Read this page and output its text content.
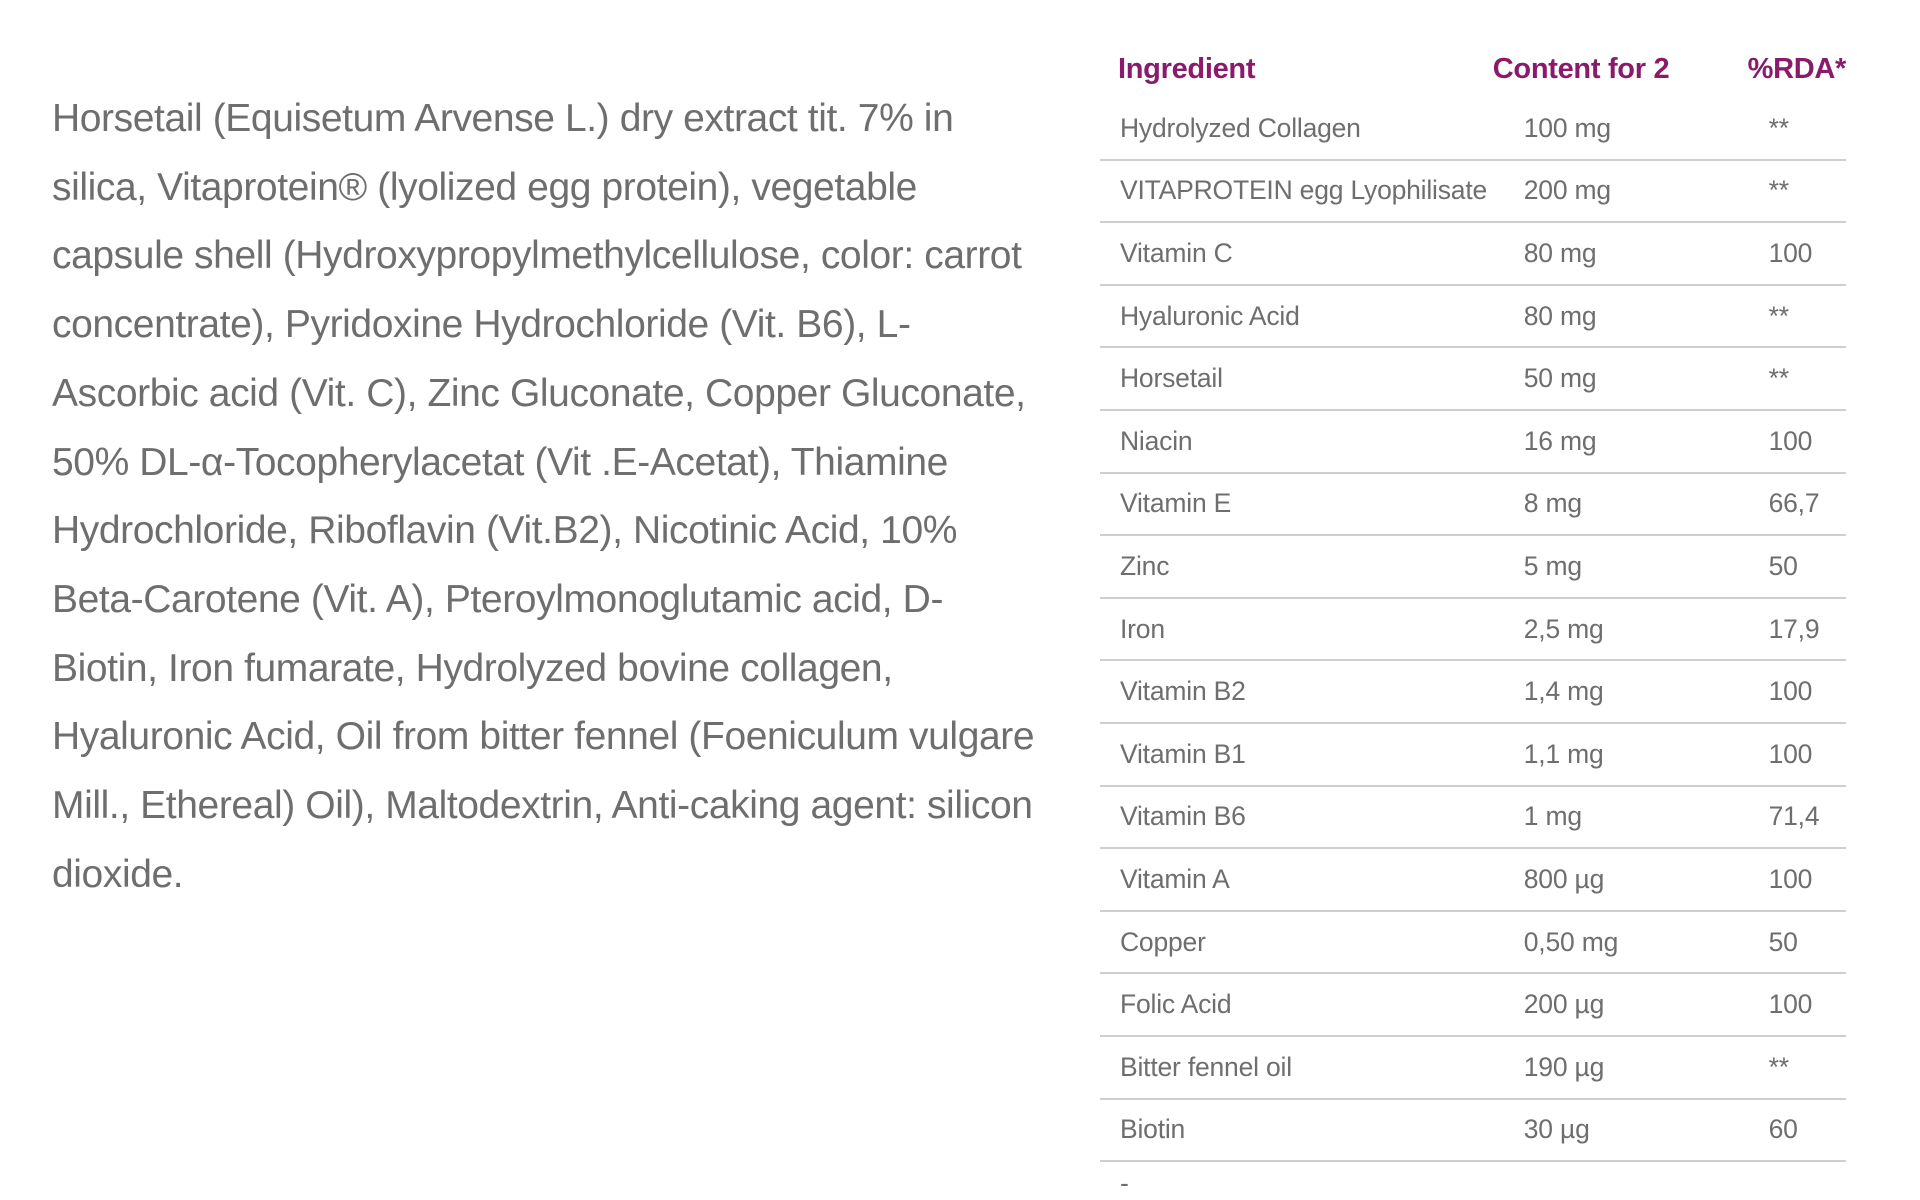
Horsetail (Equisetum Arvense L.) dry extract tit. 7% in silica, Vitaprotein® (lyolized egg protein), vegetable capsule shell (Hydroxypropylmethylcellulose, color: carrot concentrate), Pyridoxine Hydrochloride (Vit. B6), L-Ascorbic acid (Vit. C), Zinc Gluconate, Copper Gluconate, 50% DL-α-Tocopherylacetat (Vit .E-Acetat), Thiamine Hydrochloride, Riboflavin (Vit.B2), Nicotinic Acid, 10% Beta-Carotene (Vit. A), Pteroylmonoglutamic acid, D-Biotin, Iron fumarate, Hydrolyzed bovine collagen, Hyaluronic Acid, Oil from bitter fennel (Foeniculum vulgare Mill., Ethereal) Oil), Maltodextrin, Anti-caking agent: silicon dioxide.

Ingredient	Content for 2	%RDA*
Hydrolyzed Collagen	100 mg	**
VITAPROTEIN egg Lyophilisate	200 mg	**
Vitamin C	80 mg	100
Hyaluronic Acid	80 mg	**
Horsetail	50 mg	**
Niacin	16 mg	100
Vitamin E	8 mg	66,7
Zinc	5 mg	50
Iron	2,5 mg	17,9
Vitamin B2	1,4 mg	100
Vitamin B1	1,1 mg	100
Vitamin B6	1 mg	71,4
Vitamin A	800 µg	100
Copper	0,50 mg	50
Folic Acid	200 µg	100
Bitter fennel oil	190 µg	**
Biotin	30 µg	60
-
